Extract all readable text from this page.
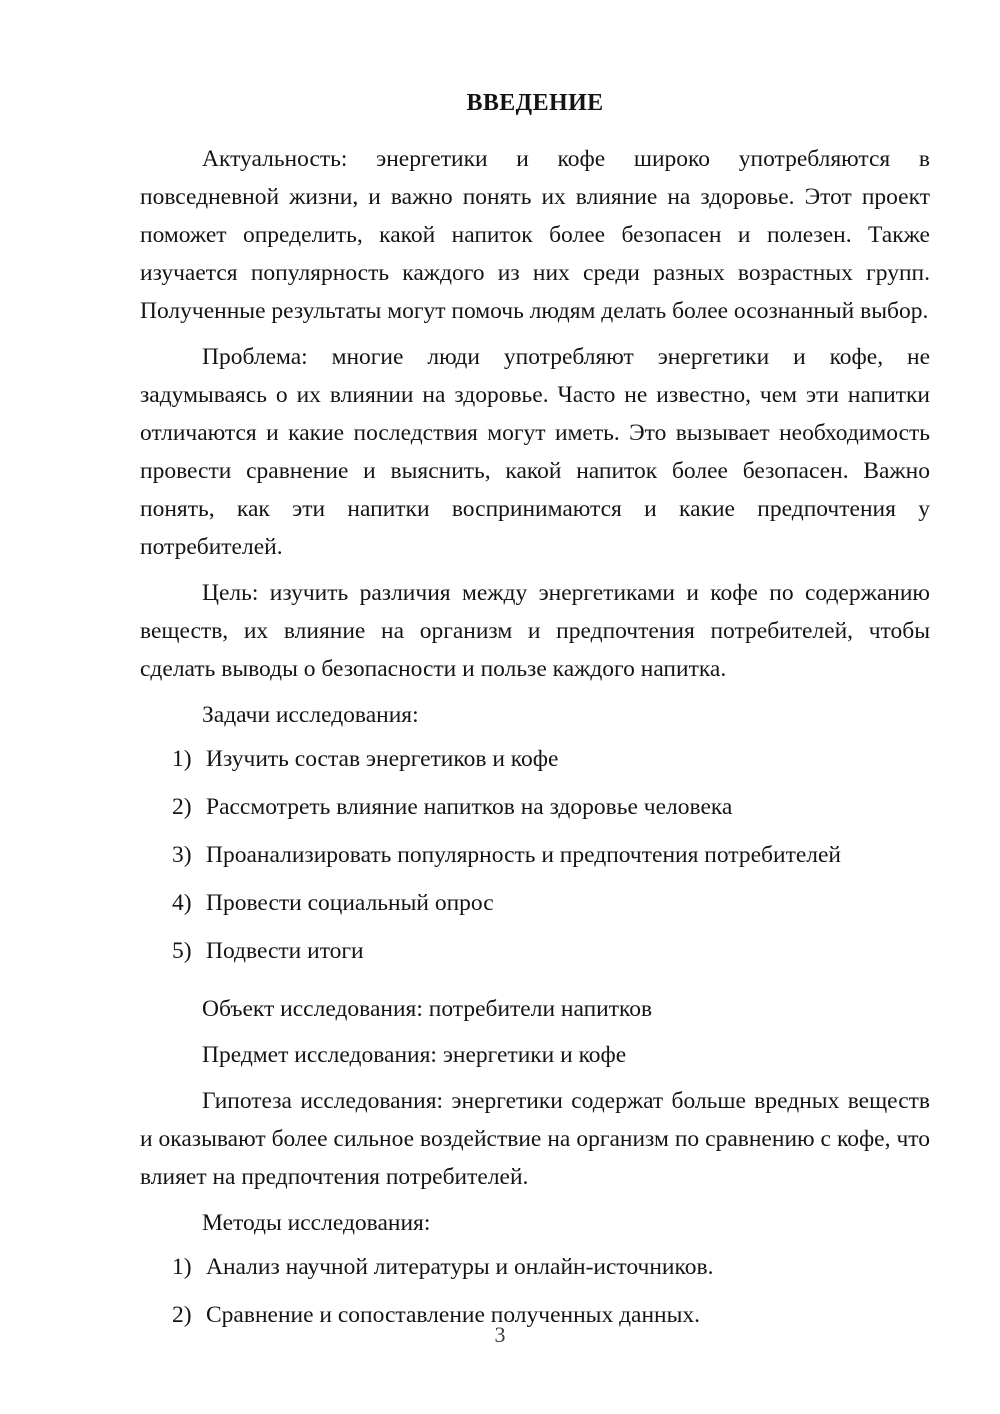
ВВЕДЕНИЕ

Актуальность: энергетики и кофе широко употребляются в повседневной жизни, и важно понять их влияние на здоровье. Этот проект поможет определить, какой напиток более безопасен и полезен. Также изучается популярность каждого из них среди разных возрастных групп. Полученные результаты могут помочь людям делать более осознанный выбор.

Проблема: многие люди употребляют энергетики и кофе, не задумываясь о их влиянии на здоровье. Часто не известно, чем эти напитки отличаются и какие последствия могут иметь. Это вызывает необходимость провести сравнение и выяснить, какой напиток более безопасен. Важно понять, как эти напитки воспринимаются и какие предпочтения у потребителей.

Цель: изучить различия между энергетиками и кофе по содержанию веществ, их влияние на организм и предпочтения потребителей, чтобы сделать выводы о безопасности и пользе каждого напитка.

Задачи исследования:
1) Изучить состав энергетиков и кофе
2) Рассмотреть влияние напитков на здоровье человека
3) Проанализировать популярность и предпочтения потребителей
4) Провести социальный опрос
5) Подвести итоги

Объект исследования: потребители напитков

Предмет исследования: энергетики и кофе

Гипотеза исследования: энергетики содержат больше вредных веществ и оказывают более сильное воздействие на организм по сравнению с кофе, что влияет на предпочтения потребителей.

Методы исследования:
1) Анализ научной литературы и онлайн-источников.
2) Сравнение и сопоставление полученных данных.
3
